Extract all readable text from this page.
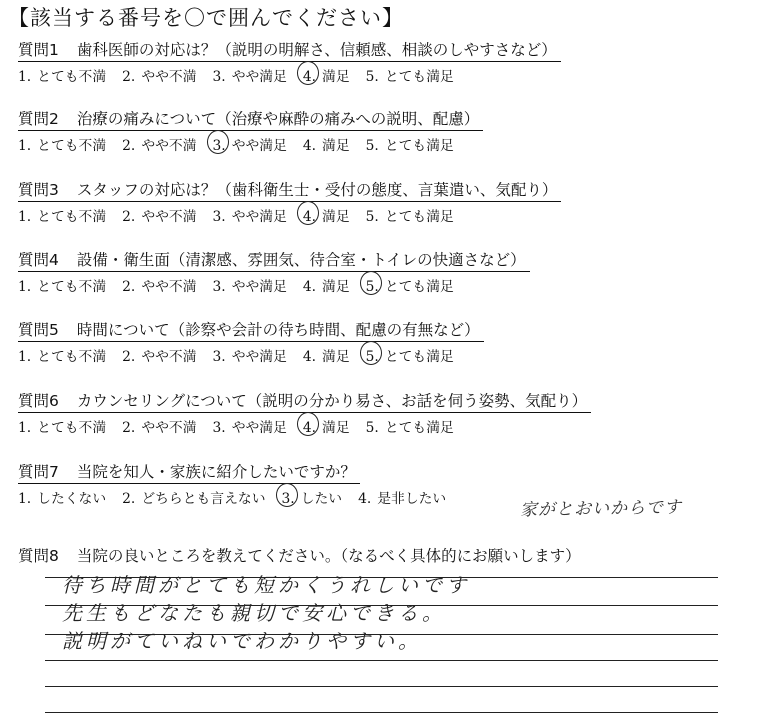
【該当する番号を〇で囲んでください】
質問1 歯科医師の対応は？（説明の明解さ、信頼感、相談のしやすさなど）
1. とても不満 2. やや不満 3. やや満足 4. 満足 5. とても満足
質問2 治療の痛みについて（治療や麻酔の痛みへの説明、配慮）
1. とても不満 2. やや不満 3. やや満足 4. 満足 5. とても満足
質問3 スタッフの対応は？（歯科衛生士・受付の態度、言葉遣い、気配り）
1. とても不満 2. やや不満 3. やや満足 4. 満足 5. とても満足
質問4 設備・衛生面（清潔感、雰囲気、待合室・トイレの快適さなど）
1. とても不満 2. やや不満 3. やや満足 4. 満足 5. とても満足
質問5 時間について（診察や会計の待ち時間、配慮の有無など）
1. とても不満 2. やや不満 3. やや満足 4. 満足 5. とても満足
質問6 カウンセリングについて（説明の分かり易さ、お話を伺う姿勢、気配り）
1. とても不満 2. やや不満 3. やや満足 4. 満足 5. とても満足
質問7 当院を知人・家族に紹介したいですか？
1. したくない 2. どちらとも言えない 3. したい 4. 是非したい	家がとおいからです
質問8 当院の良いところを教えてください。（なるべく具体的にお願いします）
待ち時間がとても短かくうれしいです
先生もどなたも親切で安心できる。
説明がていねいでわかりやすい。
